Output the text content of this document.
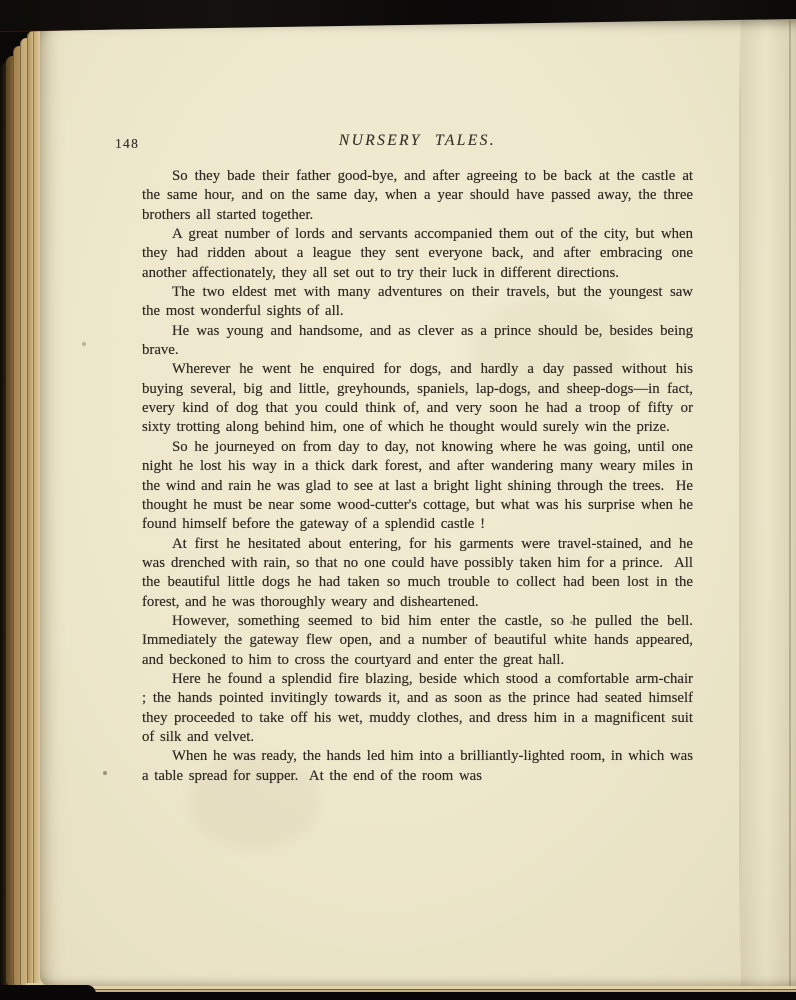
148	NURSERY TALES.

So they bade their father good-bye, and after agreeing to be back at the castle at the same hour, and on the same day, when a year should have passed away, the three brothers all started together.

A great number of lords and servants accompanied them out of the city, but when they had ridden about a league they sent everyone back, and after embracing one another affectionately, they all set out to try their luck in different directions.

The two eldest met with many adventures on their travels, but the youngest saw the most wonderful sights of all.

He was young and handsome, and as clever as a prince should be, besides being brave.

Wherever he went he enquired for dogs, and hardly a day passed without his buying several, big and little, greyhounds, spaniels, lap-dogs, and sheep-dogs—in fact, every kind of dog that you could think of, and very soon he had a troop of fifty or sixty trotting along behind him, one of which he thought would surely win the prize.

So he journeyed on from day to day, not knowing where he was going, until one night he lost his way in a thick dark forest, and after wandering many weary miles in the wind and rain he was glad to see at last a bright light shining through the trees.  He thought he must be near some wood-cutter's cottage, but what was his surprise when he found himself before the gateway of a splendid castle !

At first he hesitated about entering, for his garments were travel-stained, and he was drenched with rain, so that no one could have possibly taken him for a prince.  All the beautiful little dogs he had taken so much trouble to collect had been lost in the forest, and he was thoroughly weary and disheartened.

However, something seemed to bid him enter the castle, so he pulled the bell.  Immediately the gateway flew open, and a number of beautiful white hands appeared, and beckoned to him to cross the courtyard and enter the great hall.

Here he found a splendid fire blazing, beside which stood a comfortable arm-chair ; the hands pointed invitingly towards it, and as soon as the prince had seated himself they proceeded to take off his wet, muddy clothes, and dress him in a magnificent suit of silk and velvet.

When he was ready, the hands led him into a brilliantly-lighted room, in which was a table spread for supper.  At the end of the room was
